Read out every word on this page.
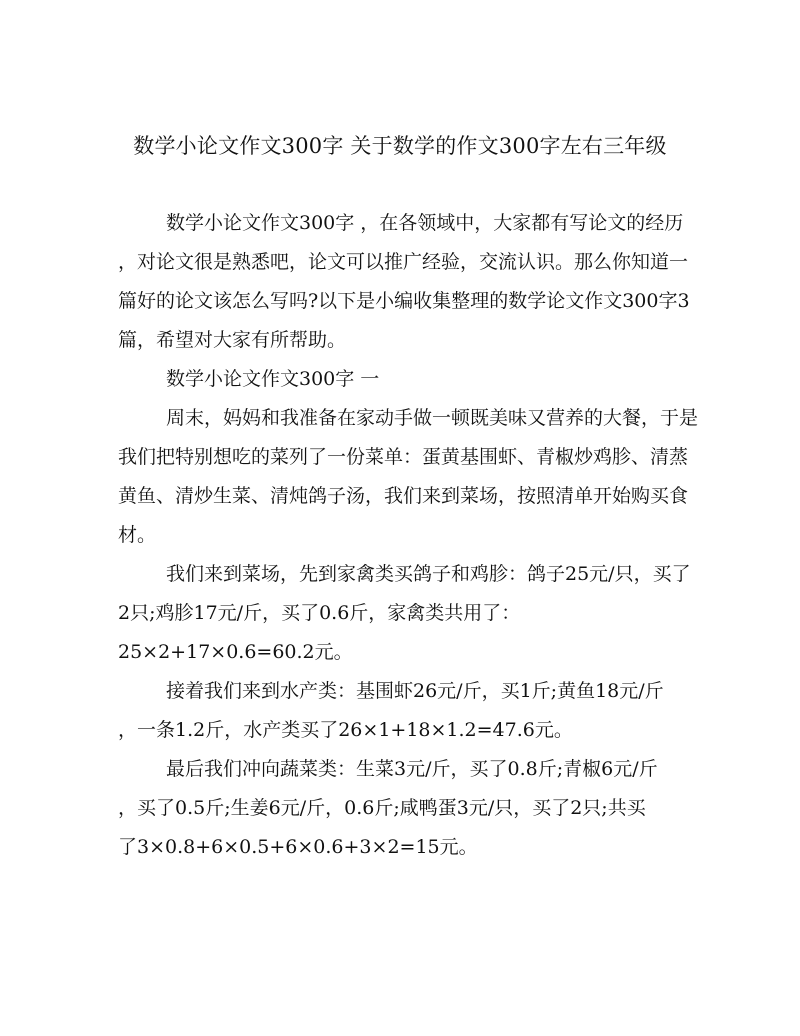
数学小论文作文300字 关于数学的作文300字左右三年级
数学小论文作文300字 ，在各领域中，大家都有写论文的经历
，对论文很是熟悉吧，论文可以推广经验，交流认识。那么你知道一
篇好的论文该怎么写吗?以下是小编收集整理的数学论文作文300字3
篇，希望对大家有所帮助。
数学小论文作文300字 一
周末，妈妈和我准备在家动手做一顿既美味又营养的大餐，于是
我们把特别想吃的菜列了一份菜单：蛋黄基围虾、青椒炒鸡胗、清蒸
黄鱼、清炒生菜、清炖鸽子汤，我们来到菜场，按照清单开始购买食
材。
我们来到菜场，先到家禽类买鸽子和鸡胗：鸽子25元/只，买了
2只;鸡胗17元/斤，买了0.6斤，家禽类共用了：
25×2+17×0.6=60.2元。
接着我们来到水产类：基围虾26元/斤，买1斤;黄鱼18元/斤
，一条1.2斤，水产类买了26×1+18×1.2=47.6元。
最后我们冲向蔬菜类：生菜3元/斤，买了0.8斤;青椒6元/斤
，买了0.5斤;生姜6元/斤，0.6斤;咸鸭蛋3元/只，买了2只;共买
了3×0.8+6×0.5+6×0.6+3×2=15元。
